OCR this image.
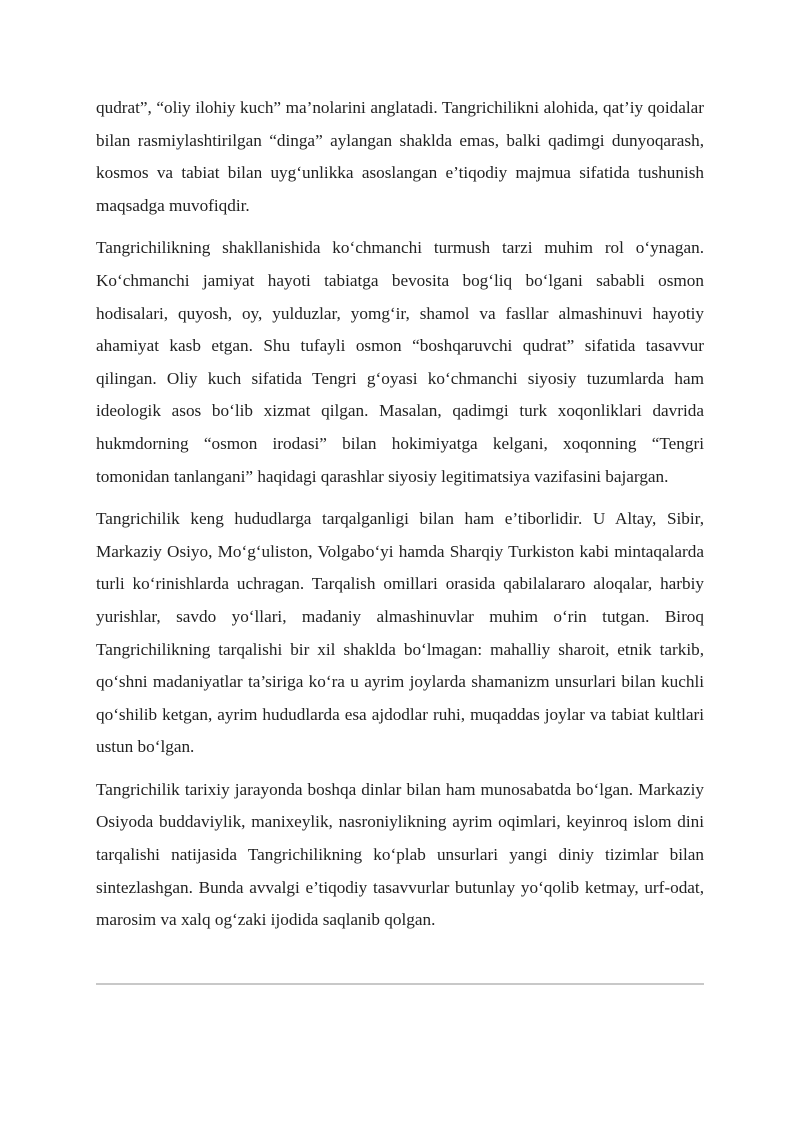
qudrat”, “oliy ilohiy kuch” ma’nolarini anglatadi. Tangrichilikni alohida, qat’iy qoidalar bilan rasmiylashtirilgan “dinga” aylangan shaklda emas, balki qadimgi dunyoqarash, kosmos va tabiat bilan uyg‘unlikka asoslangan e’tiqodiy majmua sifatida tushunish maqsadga muvofiqdir.

Tangrichilikning shakllanishida ko‘chmanchi turmush tarzi muhim rol o‘ynagan. Ko‘chmanchi jamiyat hayoti tabiatga bevosita bog‘liq bo‘lgani sababli osmon hodisalari, quyosh, oy, yulduzlar, yomg‘ir, shamol va fasllar almashinuvi hayotiy ahamiyat kasb etgan. Shu tufayli osmon “boshqaruvchi qudrat” sifatida tasavvur qilingan. Oliy kuch sifatida Tengri g‘oyasi ko‘chmanchi siyosiy tuzumlarda ham ideologik asos bo‘lib xizmat qilgan. Masalan, qadimgi turk xoqonliklari davrida hukmdorning “osmon irodasi” bilan hokimiyatga kelgani, xoqonning “Tengri tomonidan tanlangani” haqidagi qarashlar siyosiy legitimatsiya vazifasini bajargan.

Tangrichilik keng hududlarga tarqalganligi bilan ham e’tiborlidir. U Altay, Sibir, Markaziy Osiyo, Mo‘g‘uliston, Volgabo‘yi hamda Sharqiy Turkiston kabi mintaqalarda turli ko‘rinishlarda uchragan. Tarqalish omillari orasida qabilalararo aloqalar, harbiy yurishlar, savdo yo‘llari, madaniy almashinuvlar muhim o‘rin tutgan. Biroq Tangrichilikning tarqalishi bir xil shaklda bo‘lmagan: mahalliy sharoit, etnik tarkib, qo‘shni madaniyatlar ta’siriga ko‘ra u ayrim joylarda shamanizm unsurlari bilan kuchli qo‘shilib ketgan, ayrim hududlarda esa ajdodlar ruhi, muqaddas joylar va tabiat kultlari ustun bo‘lgan.

Tangrichilik tarixiy jarayonda boshqa dinlar bilan ham munosabatda bo‘lgan. Markaziy Osiyoda buddaviylik, manixeylik, nasroniylikning ayrim oqimlari, keyinroq islom dini tarqalishi natijasida Tangrichilikning ko‘plab unsurlari yangi diniy tizimlar bilan sintezlashgan. Bunda avvalgi e’tiqodiy tasavvurlar butunlay yo‘qolib ketmay, urf-odat, marosim va xalq og‘zaki ijodida saqlanib qolgan.
